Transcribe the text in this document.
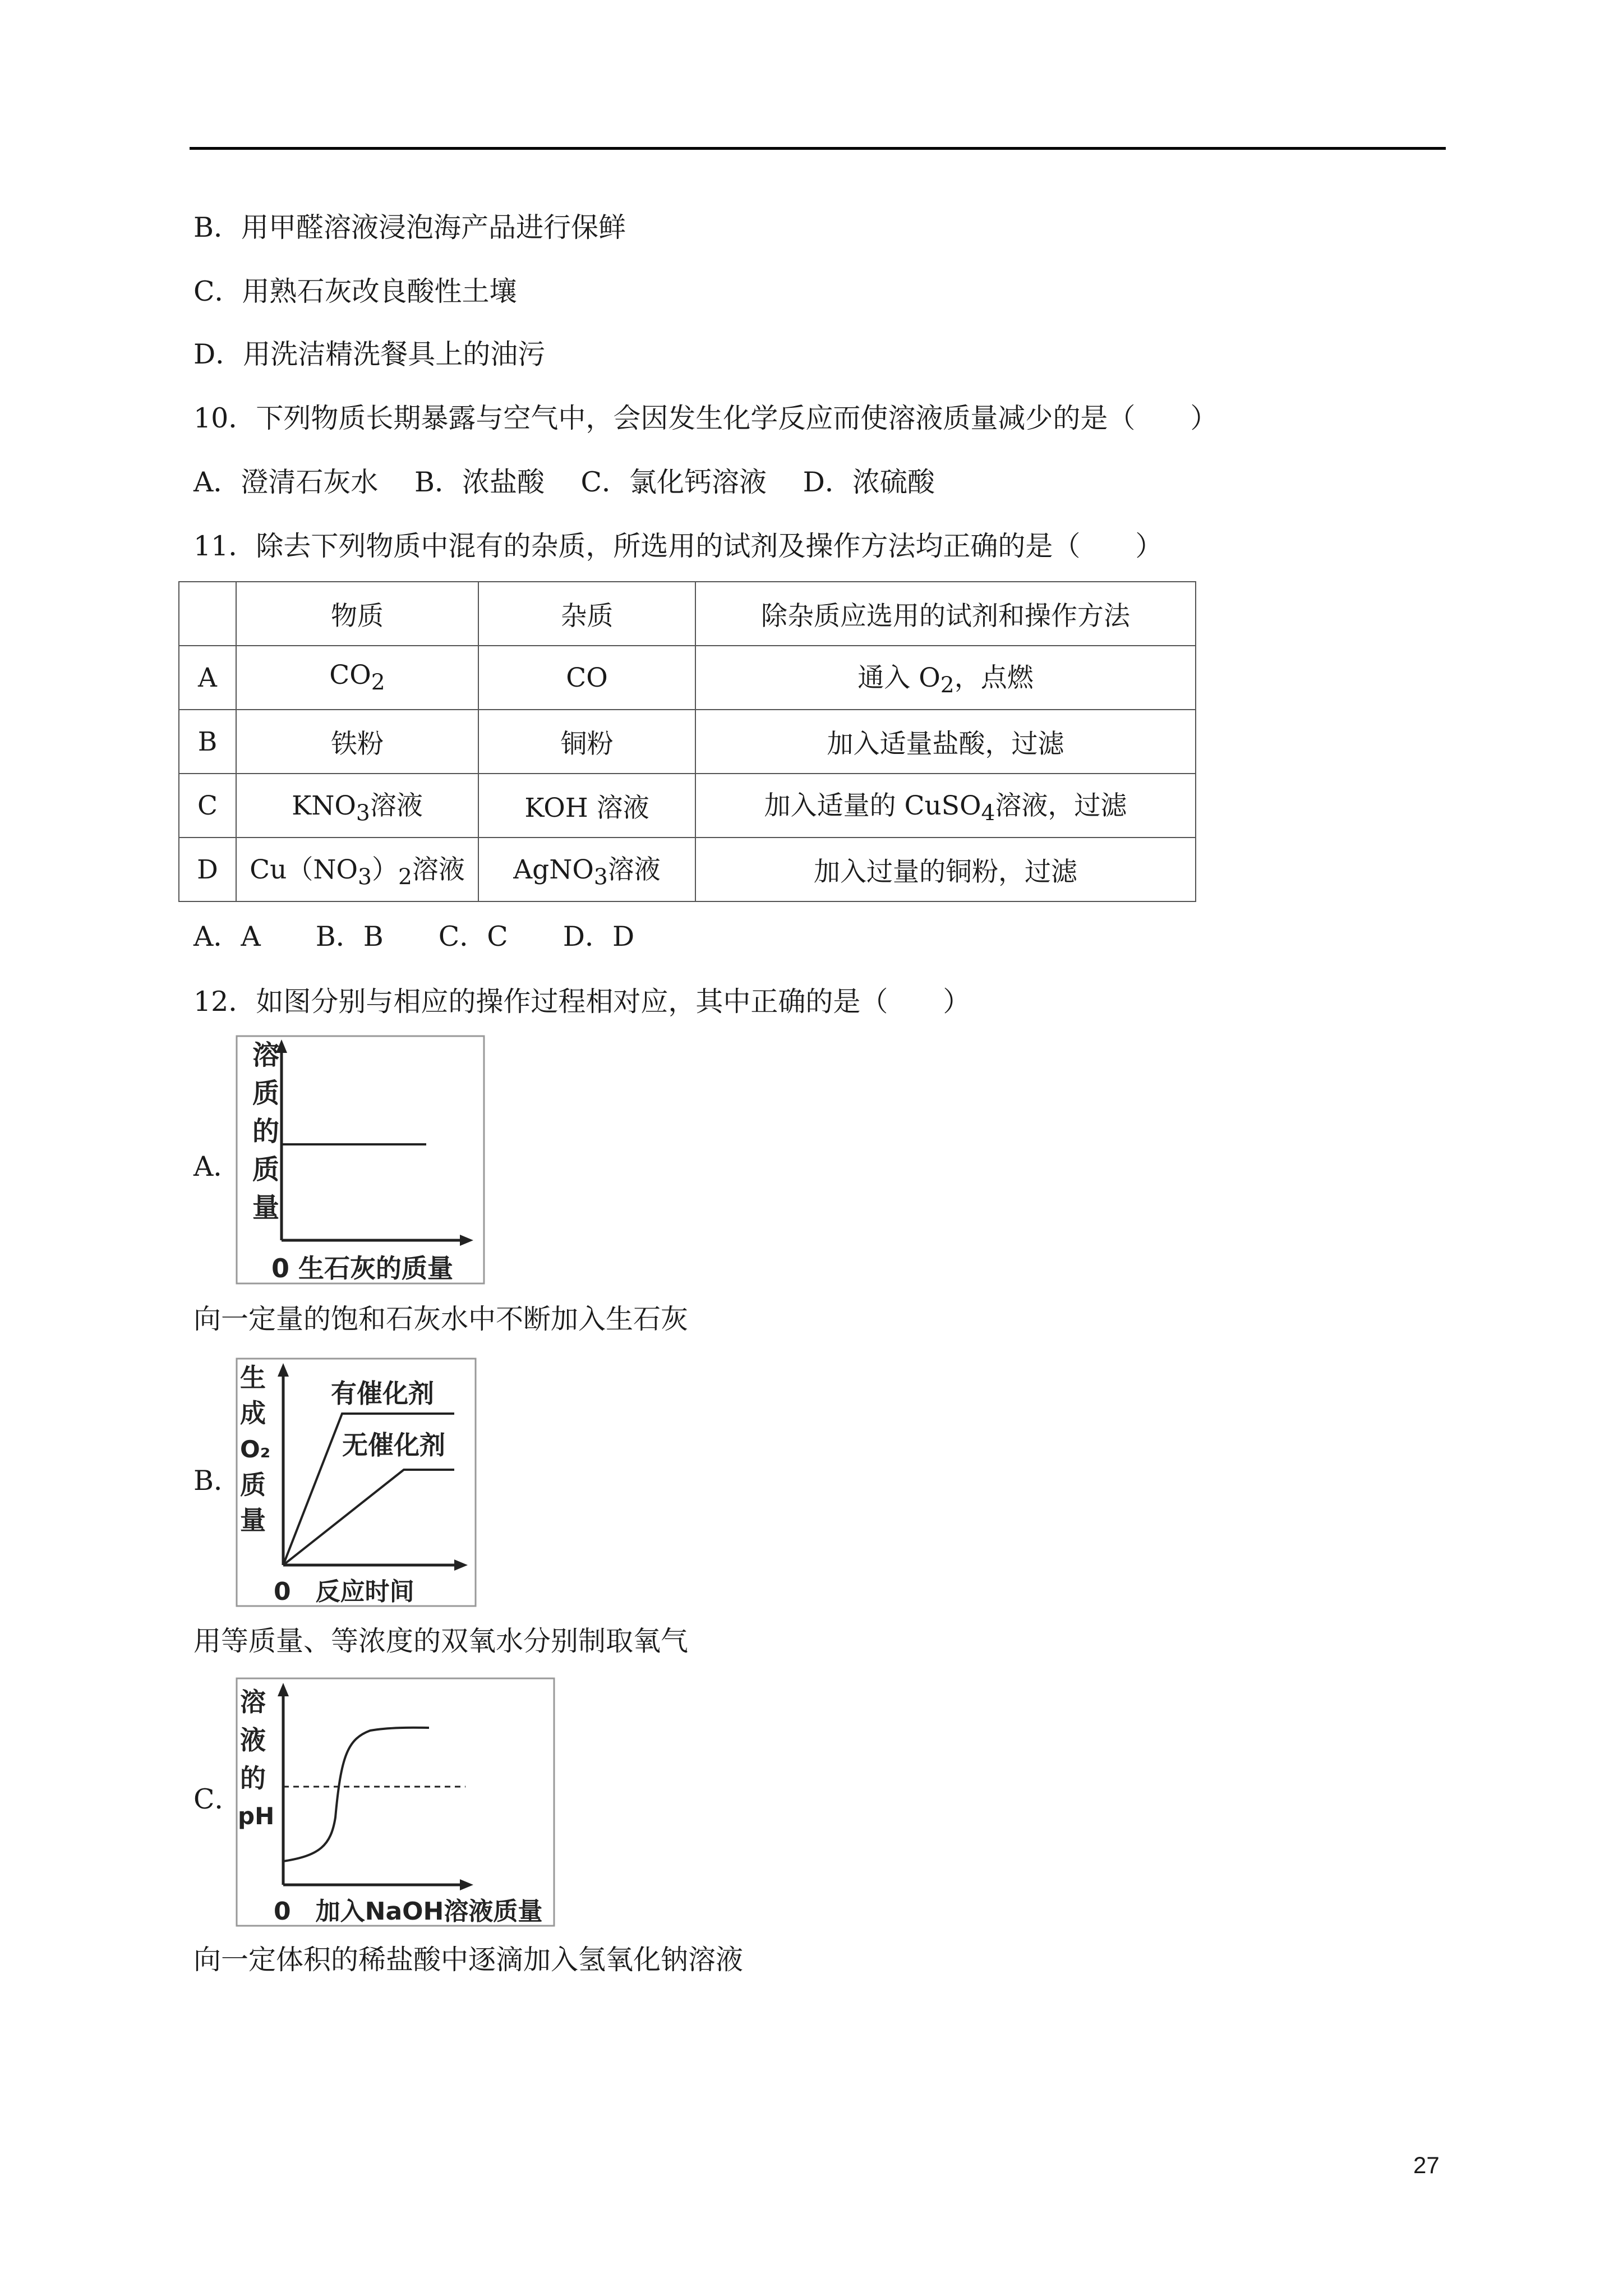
B．用甲醛溶液浸泡海产品进行保鲜
C．用熟石灰改良酸性土壤
D．用洗洁精洗餐具上的油污
10．下列物质长期暴露与空气中，会因发生化学反应而使溶液质量减少的是（　　）
A．澄清石灰水　 B．浓盐酸　 C．氯化钙溶液　 D．浓硫酸
11．除去下列物质中混有的杂质，所选用的试剂及操作方法均正确的是（　　）
	物质	杂质	除杂质应选用的试剂和操作方法
A	$CO_2$	CO	通入 $O_2$，点燃
B	铁粉	铜粉	加入适量盐酸，过滤
C	$KNO_3$溶液	KOH 溶液	加入适量的 CuSO$_4$溶液，过滤
D	$Cu(NO_3)_2$溶液	AgNO$_3$溶液	加入过量的铜粉，过滤
A．A　　B．B　　C．C　　D．D
12．如图分别与相应的操作过程相对应，其中正确的是（　　）
A．
溶
质
的
质
量
0 生石灰的质量
向一定量的饱和石灰水中不断加入生石灰
B．
有催化剂
无催化剂
生
成
O₂
质
量
0　反应时间
用等质量、等浓度的双氧水分别制取氧气
C．
溶
液
的
pH
0　加入NaOH溶液质量
向一定体积的稀盐酸中逐滴加入氢氧化钠溶液
27
